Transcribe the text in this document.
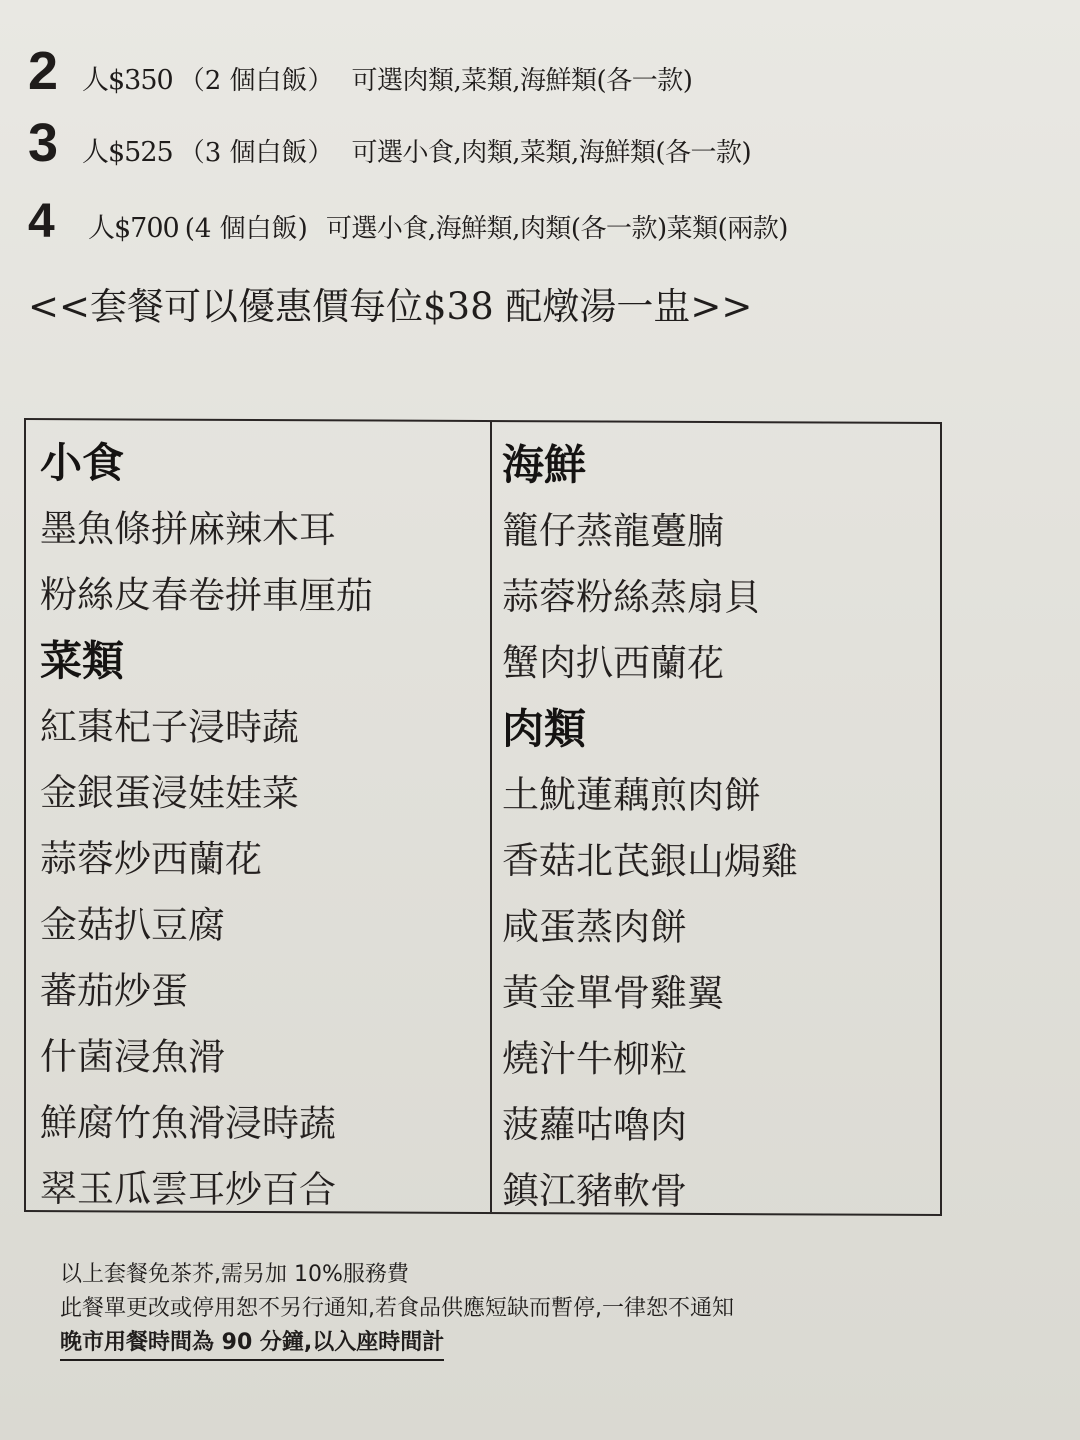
2 人$350 （2 個白飯） 可選肉類,菜類,海鮮類(各一款)
3 人$525 （3 個白飯） 可選小食,肉類,菜類,海鮮類(各一款)
4	人$700 (4 個白飯) 可選小食,海鮮類,肉類(各一款)菜類(兩款)
<<套餐可以優惠價每位$38 配燉湯一盅>>
小食
墨魚條拼麻辣木耳
粉絲皮春卷拼車厘茄
菜類
紅棗杞子浸時蔬
金銀蛋浸娃娃菜
蒜蓉炒西蘭花
金菇扒豆腐
蕃茄炒蛋
什菌浸魚滑
鮮腐竹魚滑浸時蔬
翠玉瓜雲耳炒百合
海鮮
籠仔蒸龍躉腩
蒜蓉粉絲蒸扇貝
蟹肉扒西蘭花
肉類
土魷蓮藕煎肉餅
香菇北芪銀山焗雞
咸蛋蒸肉餅
黃金單骨雞翼
燒汁牛柳粒
菠蘿咕嚕肉
鎮江豬軟骨
以上套餐免茶芥,需另加 10%服務費
此餐單更改或停用恕不另行通知,若食品供應短缺而暫停,一律恕不通知
晚市用餐時間為 90 分鐘,以入座時間計
